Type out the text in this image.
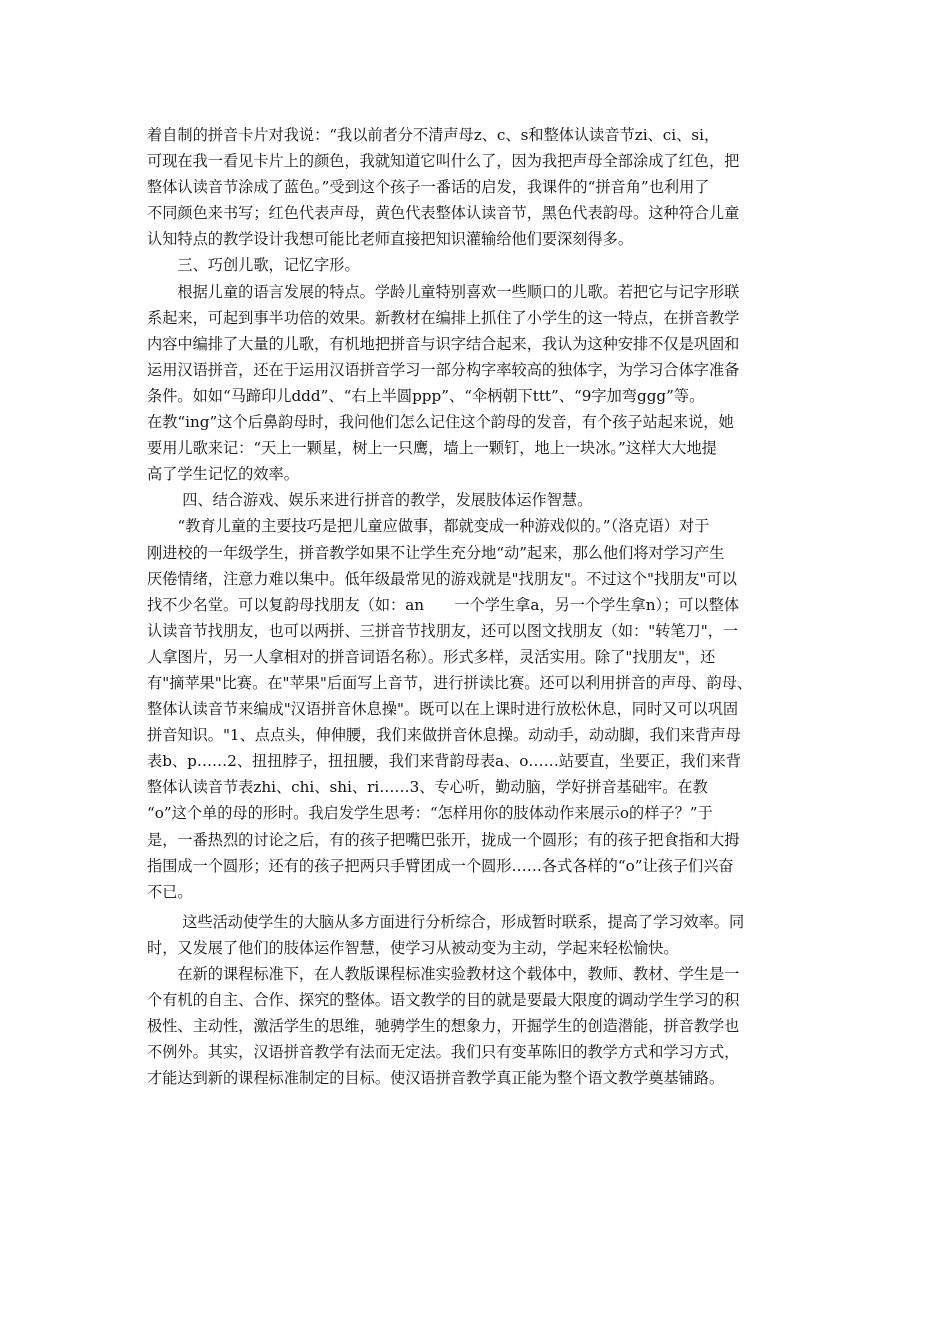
着自制的拼音卡片对我说：“我以前者分不清声母z、c、s和整体认读音节zi、ci、si，
可现在我一看见卡片上的颜色，我就知道它叫什么了，因为我把声母全部涂成了红色，把
整体认读音节涂成了蓝色。”受到这个孩子一番话的启发，我课件的“拼音角”也利用了
不同颜色来书写；红色代表声母，黄色代表整体认读音节，黑色代表韵母。这种符合儿童
认知特点的教学设计我想可能比老师直接把知识灌输给他们要深刻得多。
　　三、巧创儿歌，记忆字形。
　　根据儿童的语言发展的特点。学龄儿童特别喜欢一些顺口的儿歌。若把它与记字形联
系起来，可起到事半功倍的效果。新教材在编排上抓住了小学生的这一特点，在拼音教学
内容中编排了大量的儿歌，有机地把拼音与识字结合起来，我认为这种安排不仅是巩固和
运用汉语拼音，还在于运用汉语拼音学习一部分构字率较高的独体字，为学习合体字准备
条件。如如“马蹄印儿ddd”、“右上半圆ppp”、“伞柄朝下ttt”、“9字加弯ggg”等。
在教“ing”这个后鼻韵母时，我问他们怎么记住这个韵母的发音，有个孩子站起来说，她
要用儿歌来记：“天上一颗星，树上一只鹰，墙上一颗钉，地上一块冰。”这样大大地提
高了学生记忆的效率。
　　 四、结合游戏、娱乐来进行拼音的教学，发展肢体运作智慧。
　　“教育儿童的主要技巧是把儿童应做事，都就变成一种游戏似的。”（洛克语）对于
刚进校的一年级学生，拼音教学如果不让学生充分地“动”起来，那么他们将对学习产生
厌倦情绪，注意力难以集中。低年级最常见的游戏就是"找朋友"。不过这个"找朋友"可以
找不少名堂。可以复韵母找朋友（如：an　　一个学生拿a，另一个学生拿n）；可以整体
认读音节找朋友，也可以两拼、三拼音节找朋友，还可以图文找朋友（如："转笔刀"，一
人拿图片，另一人拿相对的拼音词语名称）。形式多样，灵活实用。除了"找朋友"，还
有"摘苹果"比赛。在"苹果"后面写上音节，进行拼读比赛。还可以利用拼音的声母、韵母、
整体认读音节来编成"汉语拼音休息操"。既可以在上课时进行放松休息，同时又可以巩固
拼音知识。"1、点点头，伸伸腰，我们来做拼音休息操。动动手，动动脚，我们来背声母
表b、p……2、扭扭脖子，扭扭腰，我们来背韵母表a、o……站要直，坐要正，我们来背
整体认读音节表zhi、chi、shi、ri……3、专心听，勤动脑，学好拼音基础牢。在教
“o”这个单的母的形时。我启发学生思考：“怎样用你的肢体动作来展示o的样子？”于
是，一番热烈的讨论之后，有的孩子把嘴巴张开，拢成一个圆形；有的孩子把食指和大拇
指围成一个圆形；还有的孩子把两只手臂团成一个圆形……各式各样的“o”让孩子们兴奋
不已。
　　 这些活动使学生的大脑从多方面进行分析综合，形成暂时联系，提高了学习效率。同
时，又发展了他们的肢体运作智慧，使学习从被动变为主动，学起来轻松愉快。
　　在新的课程标准下，在人教版课程标准实验教材这个载体中，教师、教材、学生是一
个有机的自主、合作、探究的整体。语文教学的目的就是要最大限度的调动学生学习的积
极性、主动性，激活学生的思维，驰骋学生的想象力，开掘学生的创造潜能，拼音教学也
不例外。其实，汉语拼音教学有法而无定法。我们只有变革陈旧的教学方式和学习方式，
才能达到新的课程标准制定的目标。使汉语拼音教学真正能为整个语文教学奠基铺路。
